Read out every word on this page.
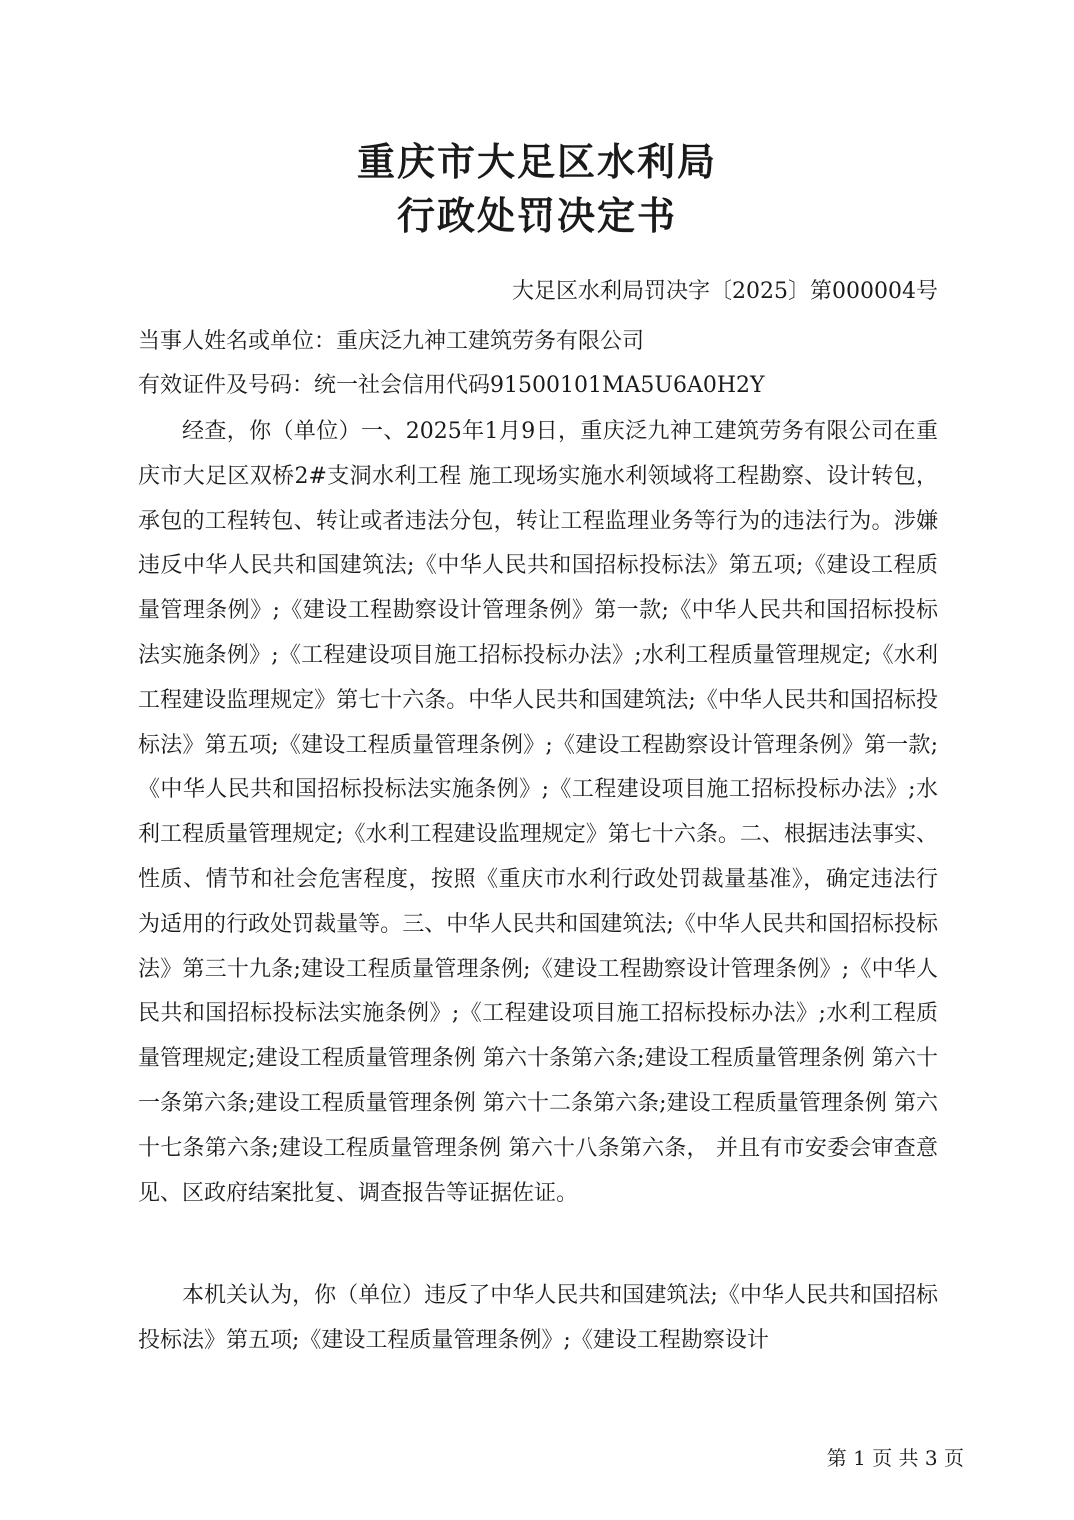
重庆市大足区水利局
行政处罚决定书
大足区水利局罚决字〔2025〕第000004号
当事人姓名或单位：重庆泛九神工建筑劳务有限公司
有效证件及号码：统一社会信用代码91500101MA5U6A0H2Y

经查，你（单位）一、2025年1月9日，重庆泛九神工建筑劳务有限公司在重庆市大足区双桥2#支洞水利工程 施工现场实施水利领域将工程勘察、设计转包，承包的工程转包、转让或者违法分包，转让工程监理业务等行为的违法行为。涉嫌违反中华人民共和国建筑法;《中华人民共和国招标投标法》第五项;《建设工程质量管理条例》;《建设工程勘察设计管理条例》第一款;《中华人民共和国招标投标法实施条例》;《工程建设项目施工招标投标办法》;水利工程质量管理规定;《水利工程建设监理规定》第七十六条。中华人民共和国建筑法;《中华人民共和国招标投标法》第五项;《建设工程质量管理条例》;《建设工程勘察设计管理条例》第一款;《中华人民共和国招标投标法实施条例》;《工程建设项目施工招标投标办法》;水利工程质量管理规定;《水利工程建设监理规定》第七十六条。二、根据违法事实、性质、情节和社会危害程度，按照《重庆市水利行政处罚裁量基准》，确定违法行为适用的行政处罚裁量等。三、中华人民共和国建筑法;《中华人民共和国招标投标法》第三十九条;建设工程质量管理条例;《建设工程勘察设计管理条例》;《中华人民共和国招标投标法实施条例》;《工程建设项目施工招标投标办法》;水利工程质量管理规定;建设工程质量管理条例 第六十条第六条;建设工程质量管理条例 第六十一条第六条;建设工程质量管理条例 第六十二条第六条;建设工程质量管理条例 第六十七条第六条;建设工程质量管理条例 第六十八条第六条， 并且有市安委会审查意见、区政府结案批复、调查报告等证据佐证。

本机关认为，你（单位）违反了中华人民共和国建筑法;《中华人民共和国招标投标法》第五项;《建设工程质量管理条例》;《建设工程勘察设计

第 1 页 共 3 页
